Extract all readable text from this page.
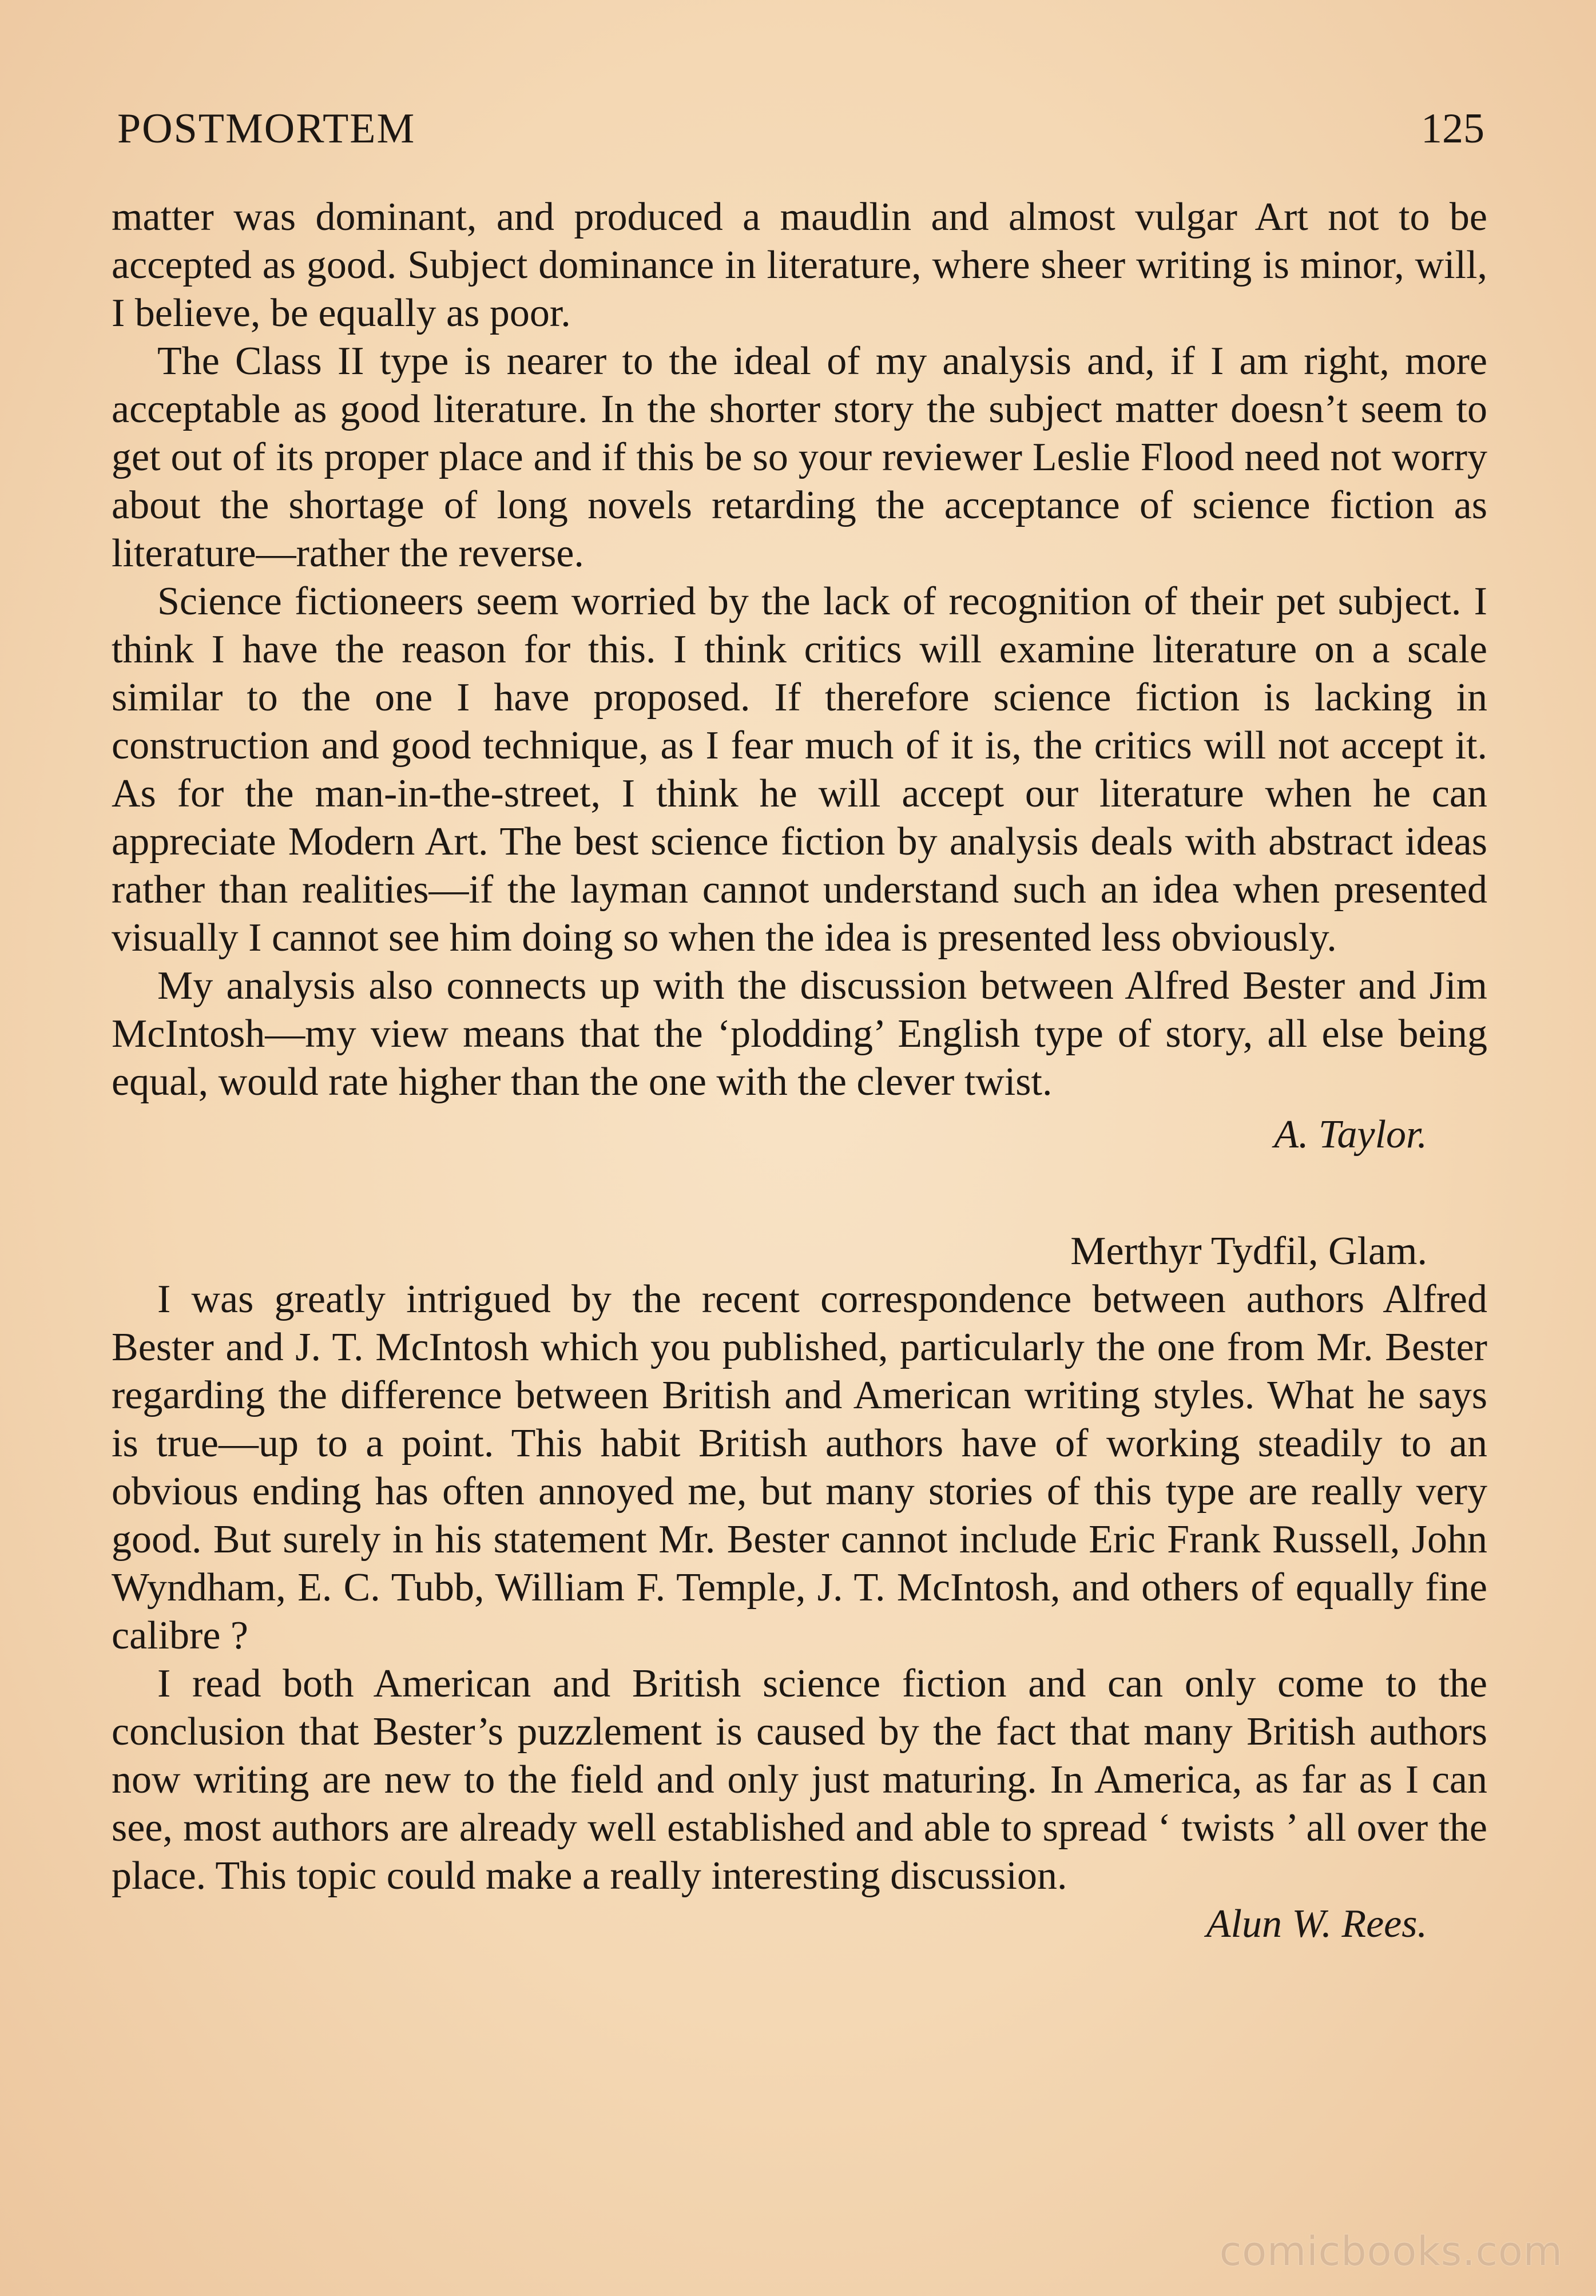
POSTMORTEM	125

matter was dominant, and produced a maudlin and almost vulgar Art not to be accepted as good. Subject dominance in literature, where sheer writing is minor, will, I believe, be equally as poor.

The Class II type is nearer to the ideal of my analysis and, if I am right, more acceptable as good literature. In the shorter story the subject matter doesn’t seem to get out of its proper place and if this be so your reviewer Leslie Flood need not worry about the shortage of long novels retarding the acceptance of science fiction as literature—rather the reverse.

Science fictioneers seem worried by the lack of recognition of their pet subject. I think I have the reason for this. I think critics will examine literature on a scale similar to the one I have proposed. If therefore science fiction is lacking in construction and good technique, as I fear much of it is, the critics will not accept it. As for the man-in-the-street, I think he will accept our literature when he can appreciate Modern Art. The best science fiction by analysis deals with abstract ideas rather than realities—if the layman cannot understand such an idea when presented visually I cannot see him doing so when the idea is presented less obviously.

My analysis also connects up with the discussion between Alfred Bester and Jim McIntosh—my view means that the ‘plodding’ English type of story, all else being equal, would rate higher than the one with the clever twist.

A. Taylor.

Merthyr Tydfil, Glam.

I was greatly intrigued by the recent correspondence between authors Alfred Bester and J. T. McIntosh which you published, particularly the one from Mr. Bester regarding the difference between British and American writing styles. What he says is true—up to a point. This habit British authors have of working steadily to an obvious ending has often annoyed me, but many stories of this type are really very good. But surely in his statement Mr. Bester cannot include Eric Frank Russell, John Wyndham, E. C. Tubb, William F. Temple, J. T. McIntosh, and others of equally fine calibre ?

I read both American and British science fiction and can only come to the conclusion that Bester’s puzzlement is caused by the fact that many British authors now writing are new to the field and only just maturing. In America, as far as I can see, most authors are already well established and able to spread ‘ twists ’ all over the place. This topic could make a really interesting discussion.

Alun W. Rees.

comicbooks.com
